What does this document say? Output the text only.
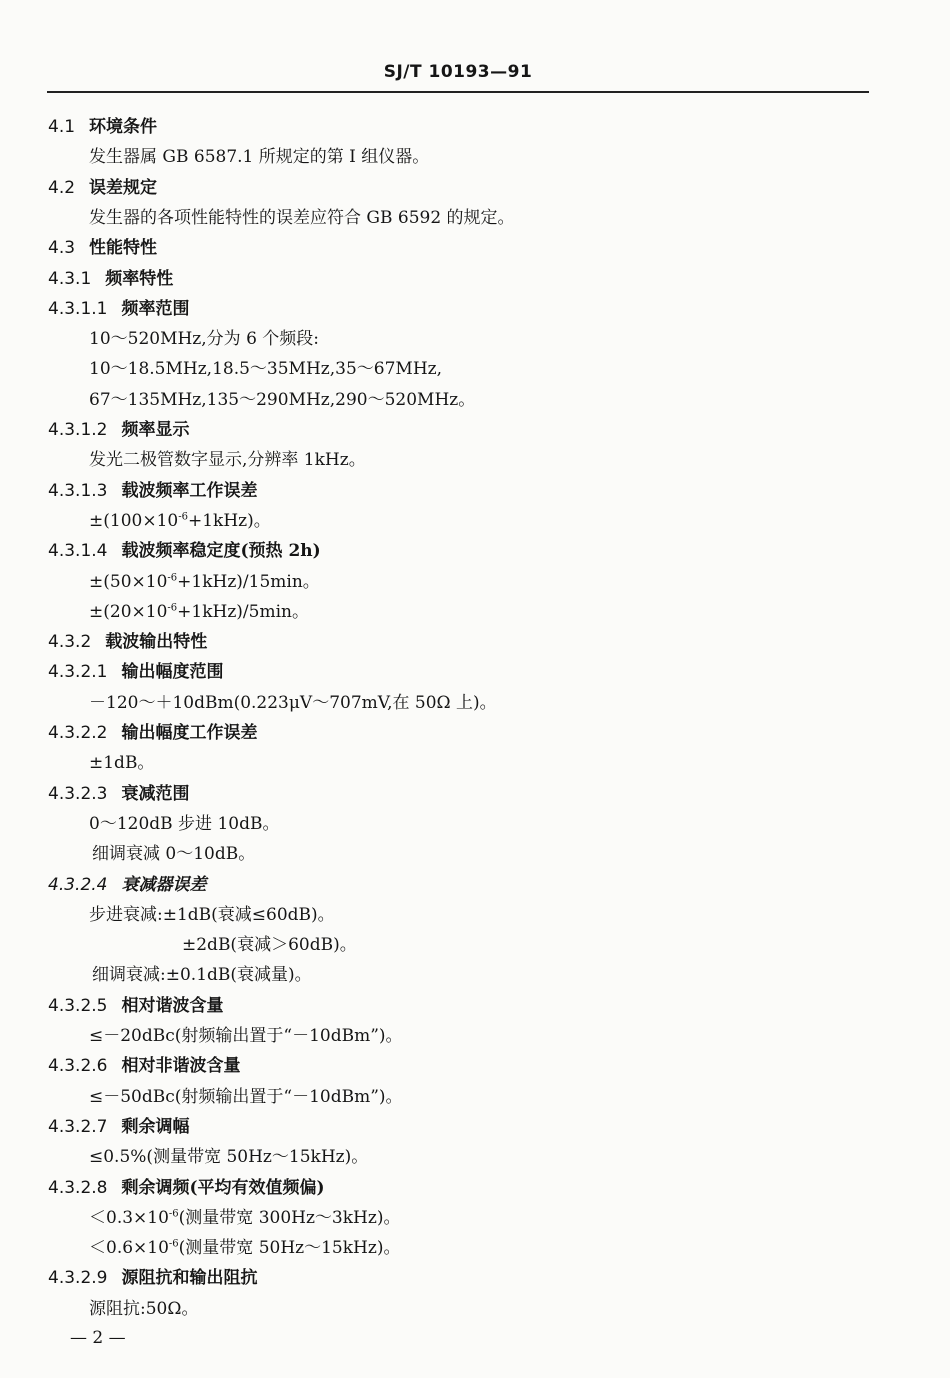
SJ/T 10193—91
4.1 环境条件
发生器属 GB 6587.1 所规定的第 Ⅰ 组仪器。
4.2 误差规定
发生器的各项性能特性的误差应符合 GB 6592 的规定。
4.3 性能特性
4.3.1 频率特性
4.3.1.1 频率范围
10～520MHz,分为 6 个频段:
10～18.5MHz,18.5～35MHz,35～67MHz,
67～135MHz,135～290MHz,290～520MHz。
4.3.1.2 频率显示
发光二极管数字显示,分辨率 1kHz。
4.3.1.3 载波频率工作误差
$\pm(100\times 10^{-6}+1kHz)$。
4.3.1.4 载波频率稳定度(预热 2h)
$\pm(50\times 10^{-6}+1kHz)/15\min$。
$\pm(20\times 10^{-6}+1kHz)/5\min$。
4.3.2 载波输出特性
4.3.2.1 输出幅度范围
－120～＋10dBm(0.223μV～707mV,在 50Ω 上)。
4.3.2.2 输出幅度工作误差
±1dB。
4.3.2.3 衰减范围
0～120dB 步进 10dB。
细调衰减 0～10dB。
4.3.2.4 衰减器误差
步进衰减:±1dB(衰减≤60dB)。
±2dB(衰减＞60dB)。
细调衰减:±0.1dB(衰减量)。
4.3.2.5 相对谐波含量
≤－20dBc(射频输出置于“－10dBm”)。
4.3.2.6 相对非谐波含量
≤－50dBc(射频输出置于“－10dBm”)。
4.3.2.7 剩余调幅
≤0.5%(测量带宽 50Hz～15kHz)。
4.3.2.8 剩余调频(平均有效值频偏)
$<0.3\times 10^{-6}$(测量带宽 300Hz～3kHz)。
$<0.6\times 10^{-6}$(测量带宽 50Hz～15kHz)。
4.3.2.9 源阻抗和输出阻抗
源阻抗:50Ω。
— 2 —
